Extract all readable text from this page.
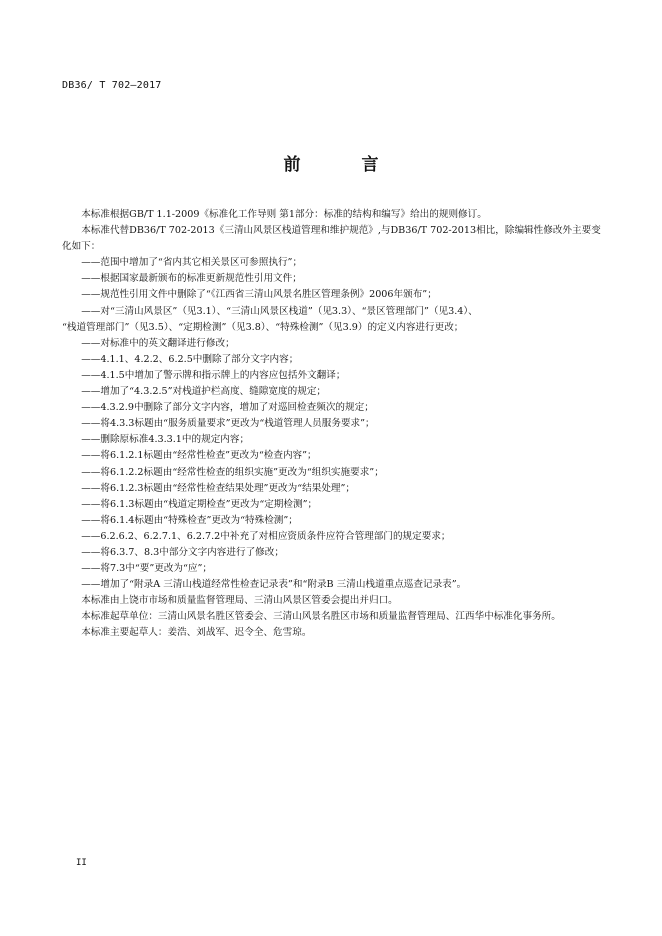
DB36/ T 702—2017
前　言

本标准根据GB/T 1.1-2009《标准化工作导则 第1部分：标准的结构和编写》给出的规则修订。

本标准代替DB36/T 702-2013《三清山风景区栈道管理和维护规范》,与DB36/T 702-2013相比，除编辑性修改外主要变化如下：

——范围中增加了“省内其它相关景区可参照执行”；

——根据国家最新颁布的标准更新规范性引用文件；

——规范性引用文件中删除了“《江西省三清山风景名胜区管理条例》2006年颁布”；

——对“三清山风景区”（见3.1）、“三清山风景区栈道”（见3.3）、“景区管理部门”（见3.4）、

“栈道管理部门”（见3.5）、“定期检测”（见3.8）、“特殊检测”（见3.9）的定义内容进行更改；

——对标准中的英文翻译进行修改；

——4.1.1、4.2.2、6.2.5中删除了部分文字内容；

——4.1.5中增加了警示牌和指示牌上的内容应包括外文翻译；

——增加了“4.3.2.5”对栈道护栏高度、缝隙宽度的规定；

——4.3.2.9中删除了部分文字内容，增加了对巡回检查频次的规定；

——将4.3.3标题由“服务质量要求”更改为“栈道管理人员服务要求”；

——删除原标准4.3.3.1中的规定内容；

——将6.1.2.1标题由“经常性检查”更改为“检查内容”；

——将6.1.2.2标题由“经常性检查的组织实施”更改为“组织实施要求”；

——将6.1.2.3标题由“经常性检查结果处理”更改为“结果处理”；

——将6.1.3标题由“栈道定期检查”更改为“定期检测”；

——将6.1.4标题由“特殊检查”更改为“特殊检测”；

——6.2.6.2、6.2.7.1、6.2.7.2中补充了对相应资质条件应符合管理部门的规定要求；

——将6.3.7、8.3中部分文字内容进行了修改；

——将7.3中“要”更改为“应”；

——增加了“附录A 三清山栈道经常性检查记录表”和“附录B 三清山栈道重点巡查记录表”。

本标准由上饶市市场和质量监督管理局、三清山风景区管委会提出并归口。

本标准起草单位：三清山风景名胜区管委会、三清山风景名胜区市场和质量监督管理局、江西华中标准化事务所。

本标准主要起草人：姜浩、刘战军、迟令全、危雪琼。

II
